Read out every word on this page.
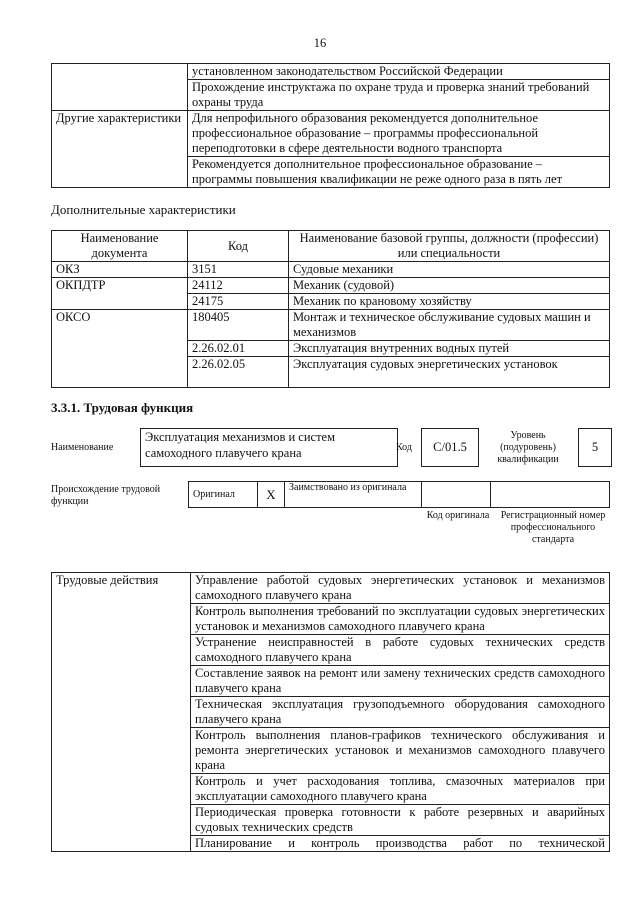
16

	установленном законодательством Российской Федерации
Прохождение инструктажа по охране труда и проверка знаний требований охраны труда

Другие характеристики	Для непрофильного образования рекомендуется дополнительное профессиональное образование – программы профессиональной переподготовки в сфере деятельности водного транспорта
Рекомендуется дополнительное профессиональное образование – программы повышения квалификации не реже одного раза в пять лет
Дополнительные характеристики
Наименование документа	Код	Наименование базовой группы, должности (профессии) или специальности
ОКЗ	3151	Судовые механики
ОКПДТР	24112	Механик (судовой)
	24175	Механик по крановому хозяйству
ОКСО	180405	Монтаж и техническое обслуживание судовых машин и механизмов
	2.26.02.01	Эксплуатация внутренних водных путей
	2.26.02.05	Эксплуатация судовых энергетических установок
3.3.1. Трудовая функция
Наименование
Эксплуатация механизмов и систем самоходного плавучего крана	Код	C/01.5
Уровень (подуровень) квалификации
5
Происхождение трудовой функции
Оригинал	X	Заимствовано из оригинала		
Код оригинала	Регистрационный номер профессионального стандарта
Трудовые действия	Управление работой судовых энергетических установок и механизмов самоходного плавучего крана
Контроль выполнения требований по эксплуатации судовых энергетических установок и механизмов самоходного плавучего крана
Устранение неисправностей в работе судовых технических средств самоходного плавучего крана
Составление заявок на ремонт или замену технических средств самоходного плавучего крана
Техническая эксплуатация грузоподъемного оборудования самоходного плавучего крана
Контроль выполнения планов-графиков технического обслуживания и ремонта энергетических установок и механизмов самоходного плавучего крана
Контроль и учет расходования топлива, смазочных материалов при эксплуатации самоходного плавучего крана
Периодическая проверка готовности к работе резервных и аварийных судовых технических средств
Планирование и контроль производства работ по технической
